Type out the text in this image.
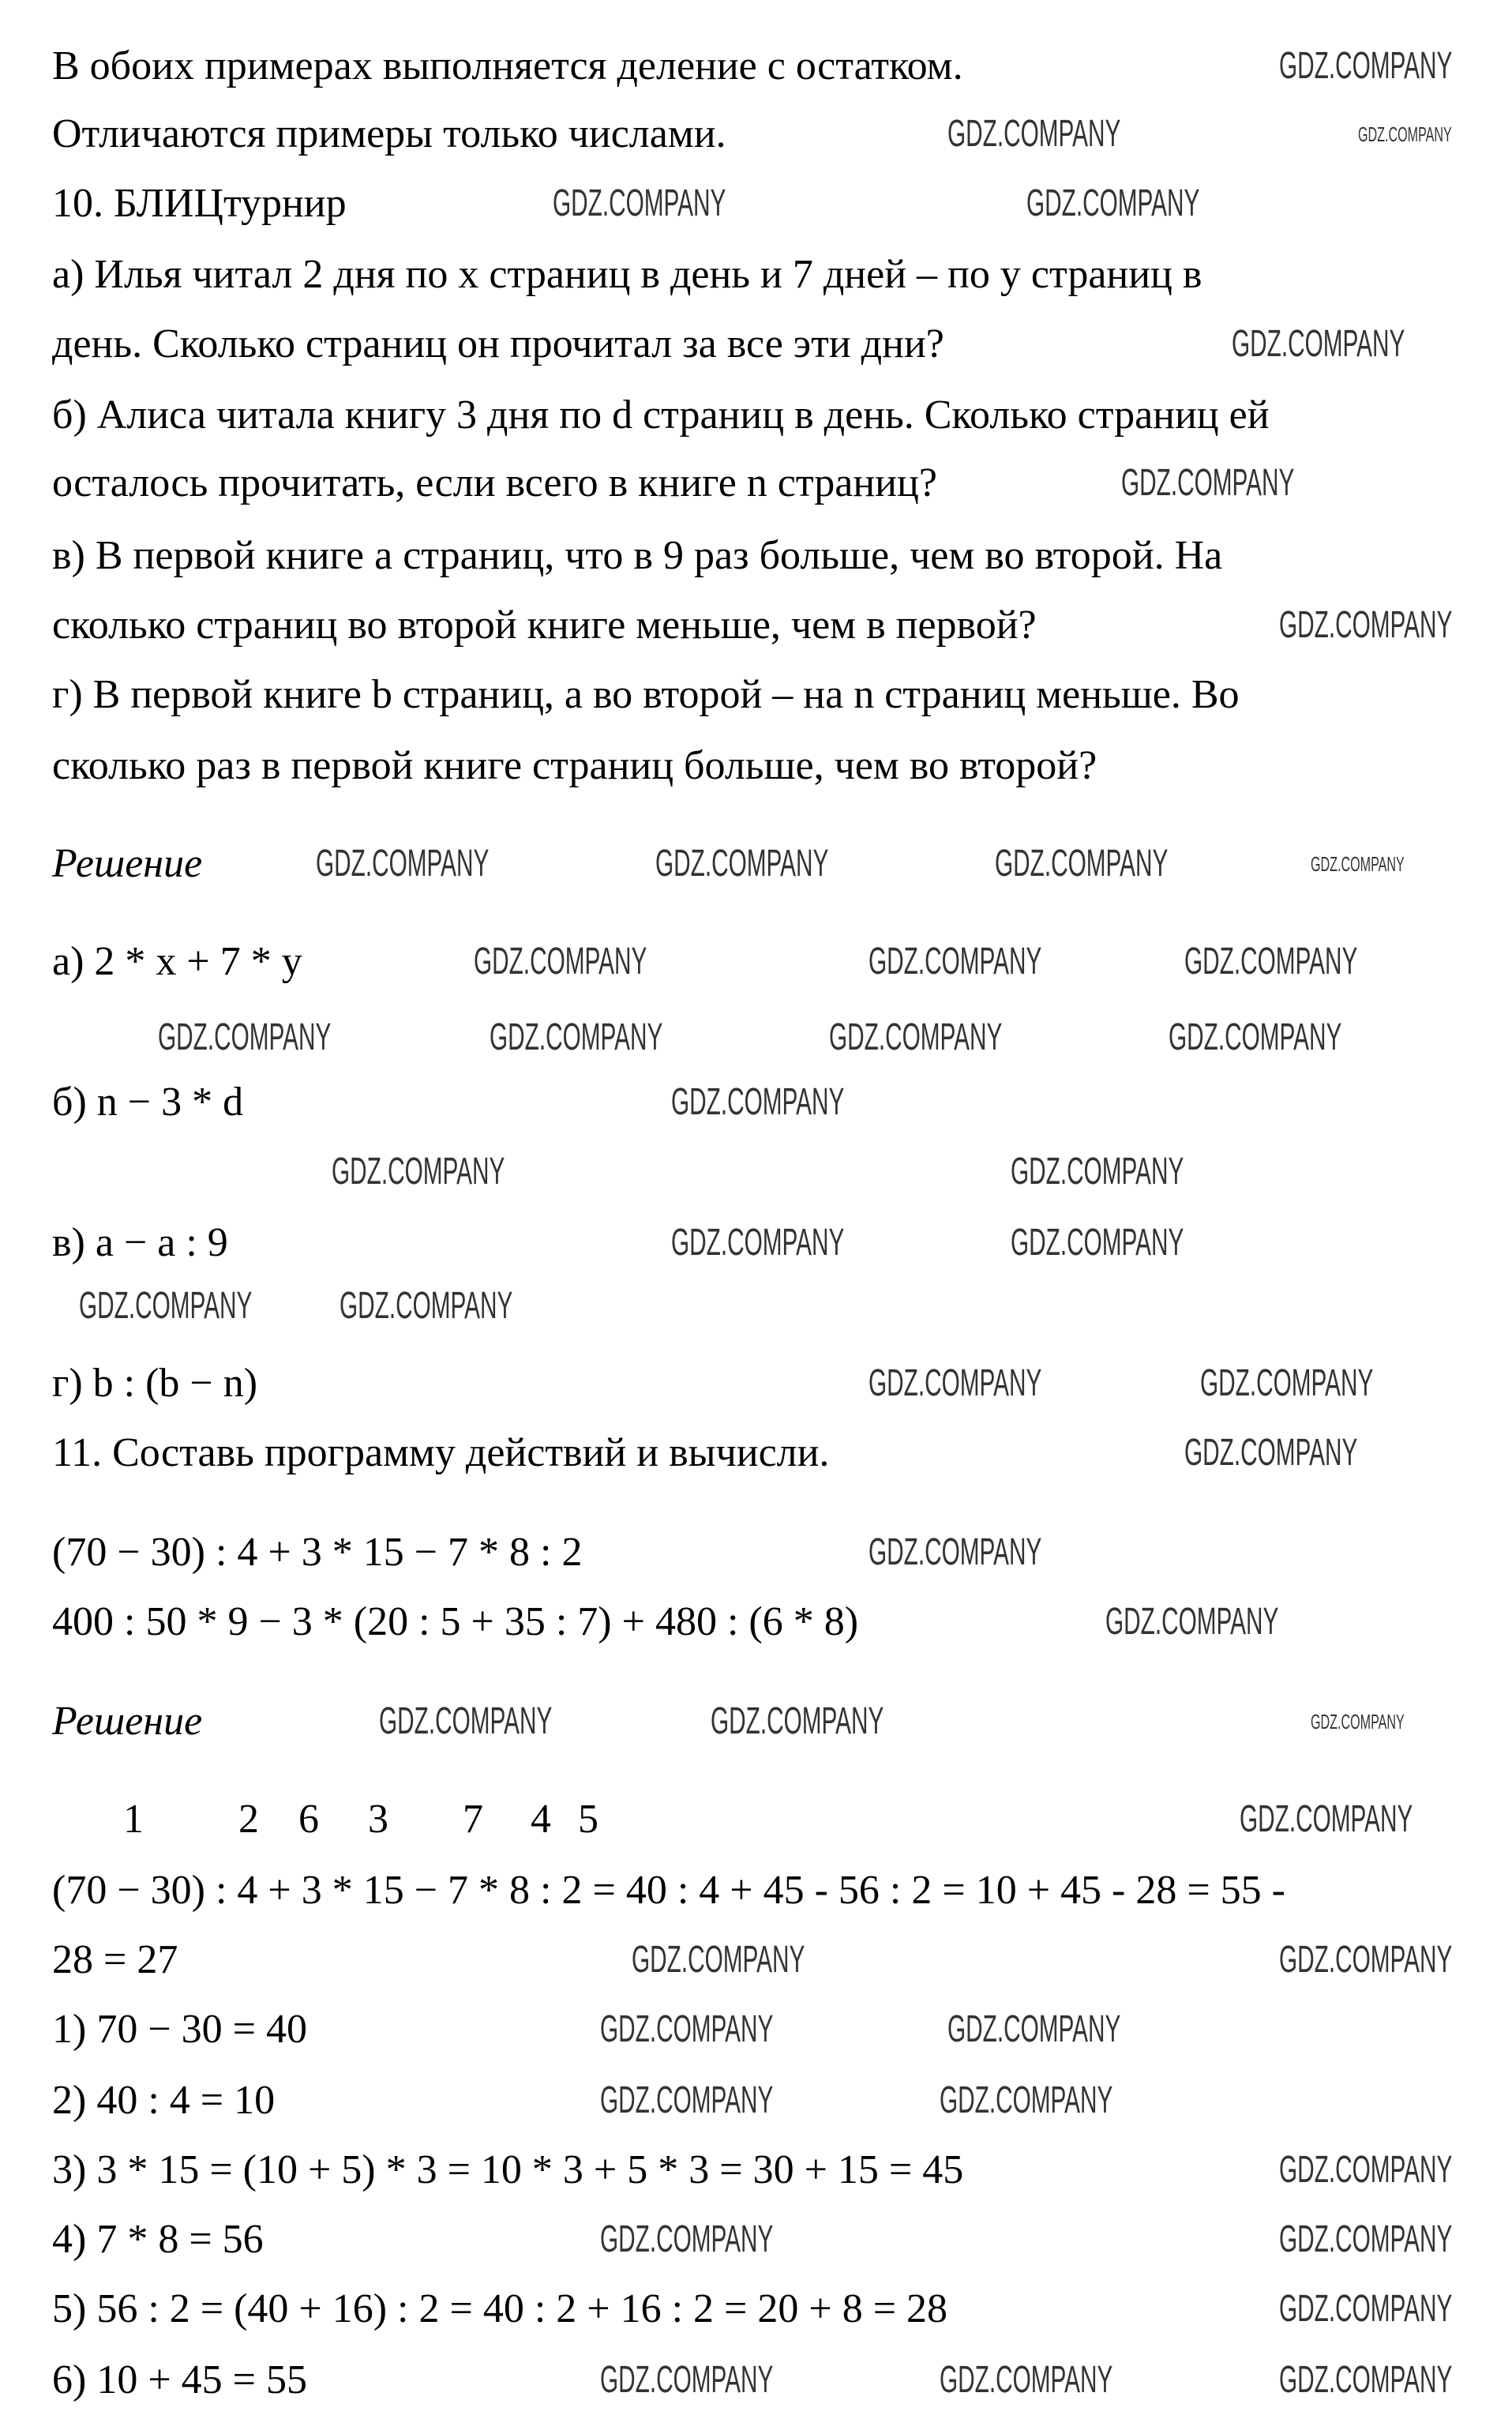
В обоих примерах выполняется деление с остатком.
Отличаются примеры только числами.
10. БЛИЦтурнир
а) Илья читал 2 дня по x страниц в день и 7 дней – по y страниц в
день. Сколько страниц он прочитал за все эти дни?
б) Алиса читала книгу 3 дня по d страниц в день. Сколько страниц ей
осталось прочитать, если всего в книге n страниц?
в) В первой книге a страниц, что в 9 раз больше, чем во второй. На
сколько страниц во второй книге меньше, чем в первой?
г) В первой книге b страниц, а во второй – на n страниц меньше. Во
сколько раз в первой книге страниц больше, чем во второй?
Решение
а) 2 * x + 7 * y
б) n − 3 * d
в) a − a : 9
г) b : (b − n)
11. Составь программу действий и вычисли.
(70 − 30) : 4 + 3 * 15 − 7 * 8 : 2
400 : 50 * 9 − 3 * (20 : 5 + 35 : 7) + 480 : (6 * 8)
Решение
1 2 6 3 7 4 5
(70 − 30) : 4 + 3 * 15 − 7 * 8 : 2 = 40 : 4 + 45 - 56 : 2 = 10 + 45 - 28 = 55 -
28 = 27
1) 70 − 30 = 40
2) 40 : 4 = 10
3) 3 * 15 = (10 + 5) * 3 = 10 * 3 + 5 * 3 = 30 + 15 = 45
4) 7 * 8 = 56
5) 56 : 2 = (40 + 16) : 2 = 40 : 2 + 16 : 2 = 20 + 8 = 28
6) 10 + 45 = 55
GDZ.COMPANY
GDZ.COMPANY
GDZ.COMPANY	GDZ.COMPANY
GDZ.COMPANY
GDZ.COMPANY
GDZ.COMPANY
GDZ.COMPANY	GDZ.COMPANY	GDZ.COMPANY
GDZ.COMPANY	GDZ.COMPANY	GDZ.COMPANY
GDZ.COMPANY	GDZ.COMPANY	GDZ.COMPANY	GDZ.COMPANY
GDZ.COMPANY
GDZ.COMPANY	GDZ.COMPANY
GDZ.COMPANY	GDZ.COMPANY
GDZ.COMPANY GDZ.COMPANY
GDZ.COMPANY	GDZ.COMPANY
GDZ.COMPANY
GDZ.COMPANY
GDZ.COMPANY
GDZ.COMPANY	GDZ.COMPANY
GDZ.COMPANY
GDZ.COMPANY	GDZ.COMPANY
GDZ.COMPANY	GDZ.COMPANY
GDZ.COMPANY	GDZ.COMPANY
GDZ.COMPANY
GDZ.COMPANY	GDZ.COMPANY
GDZ.COMPANY
GDZ.COMPANY	GDZ.COMPANY	GDZ.COMPANY
GDZ.COMPANY
GDZ.COMPANY
GDZ.COMPANY
